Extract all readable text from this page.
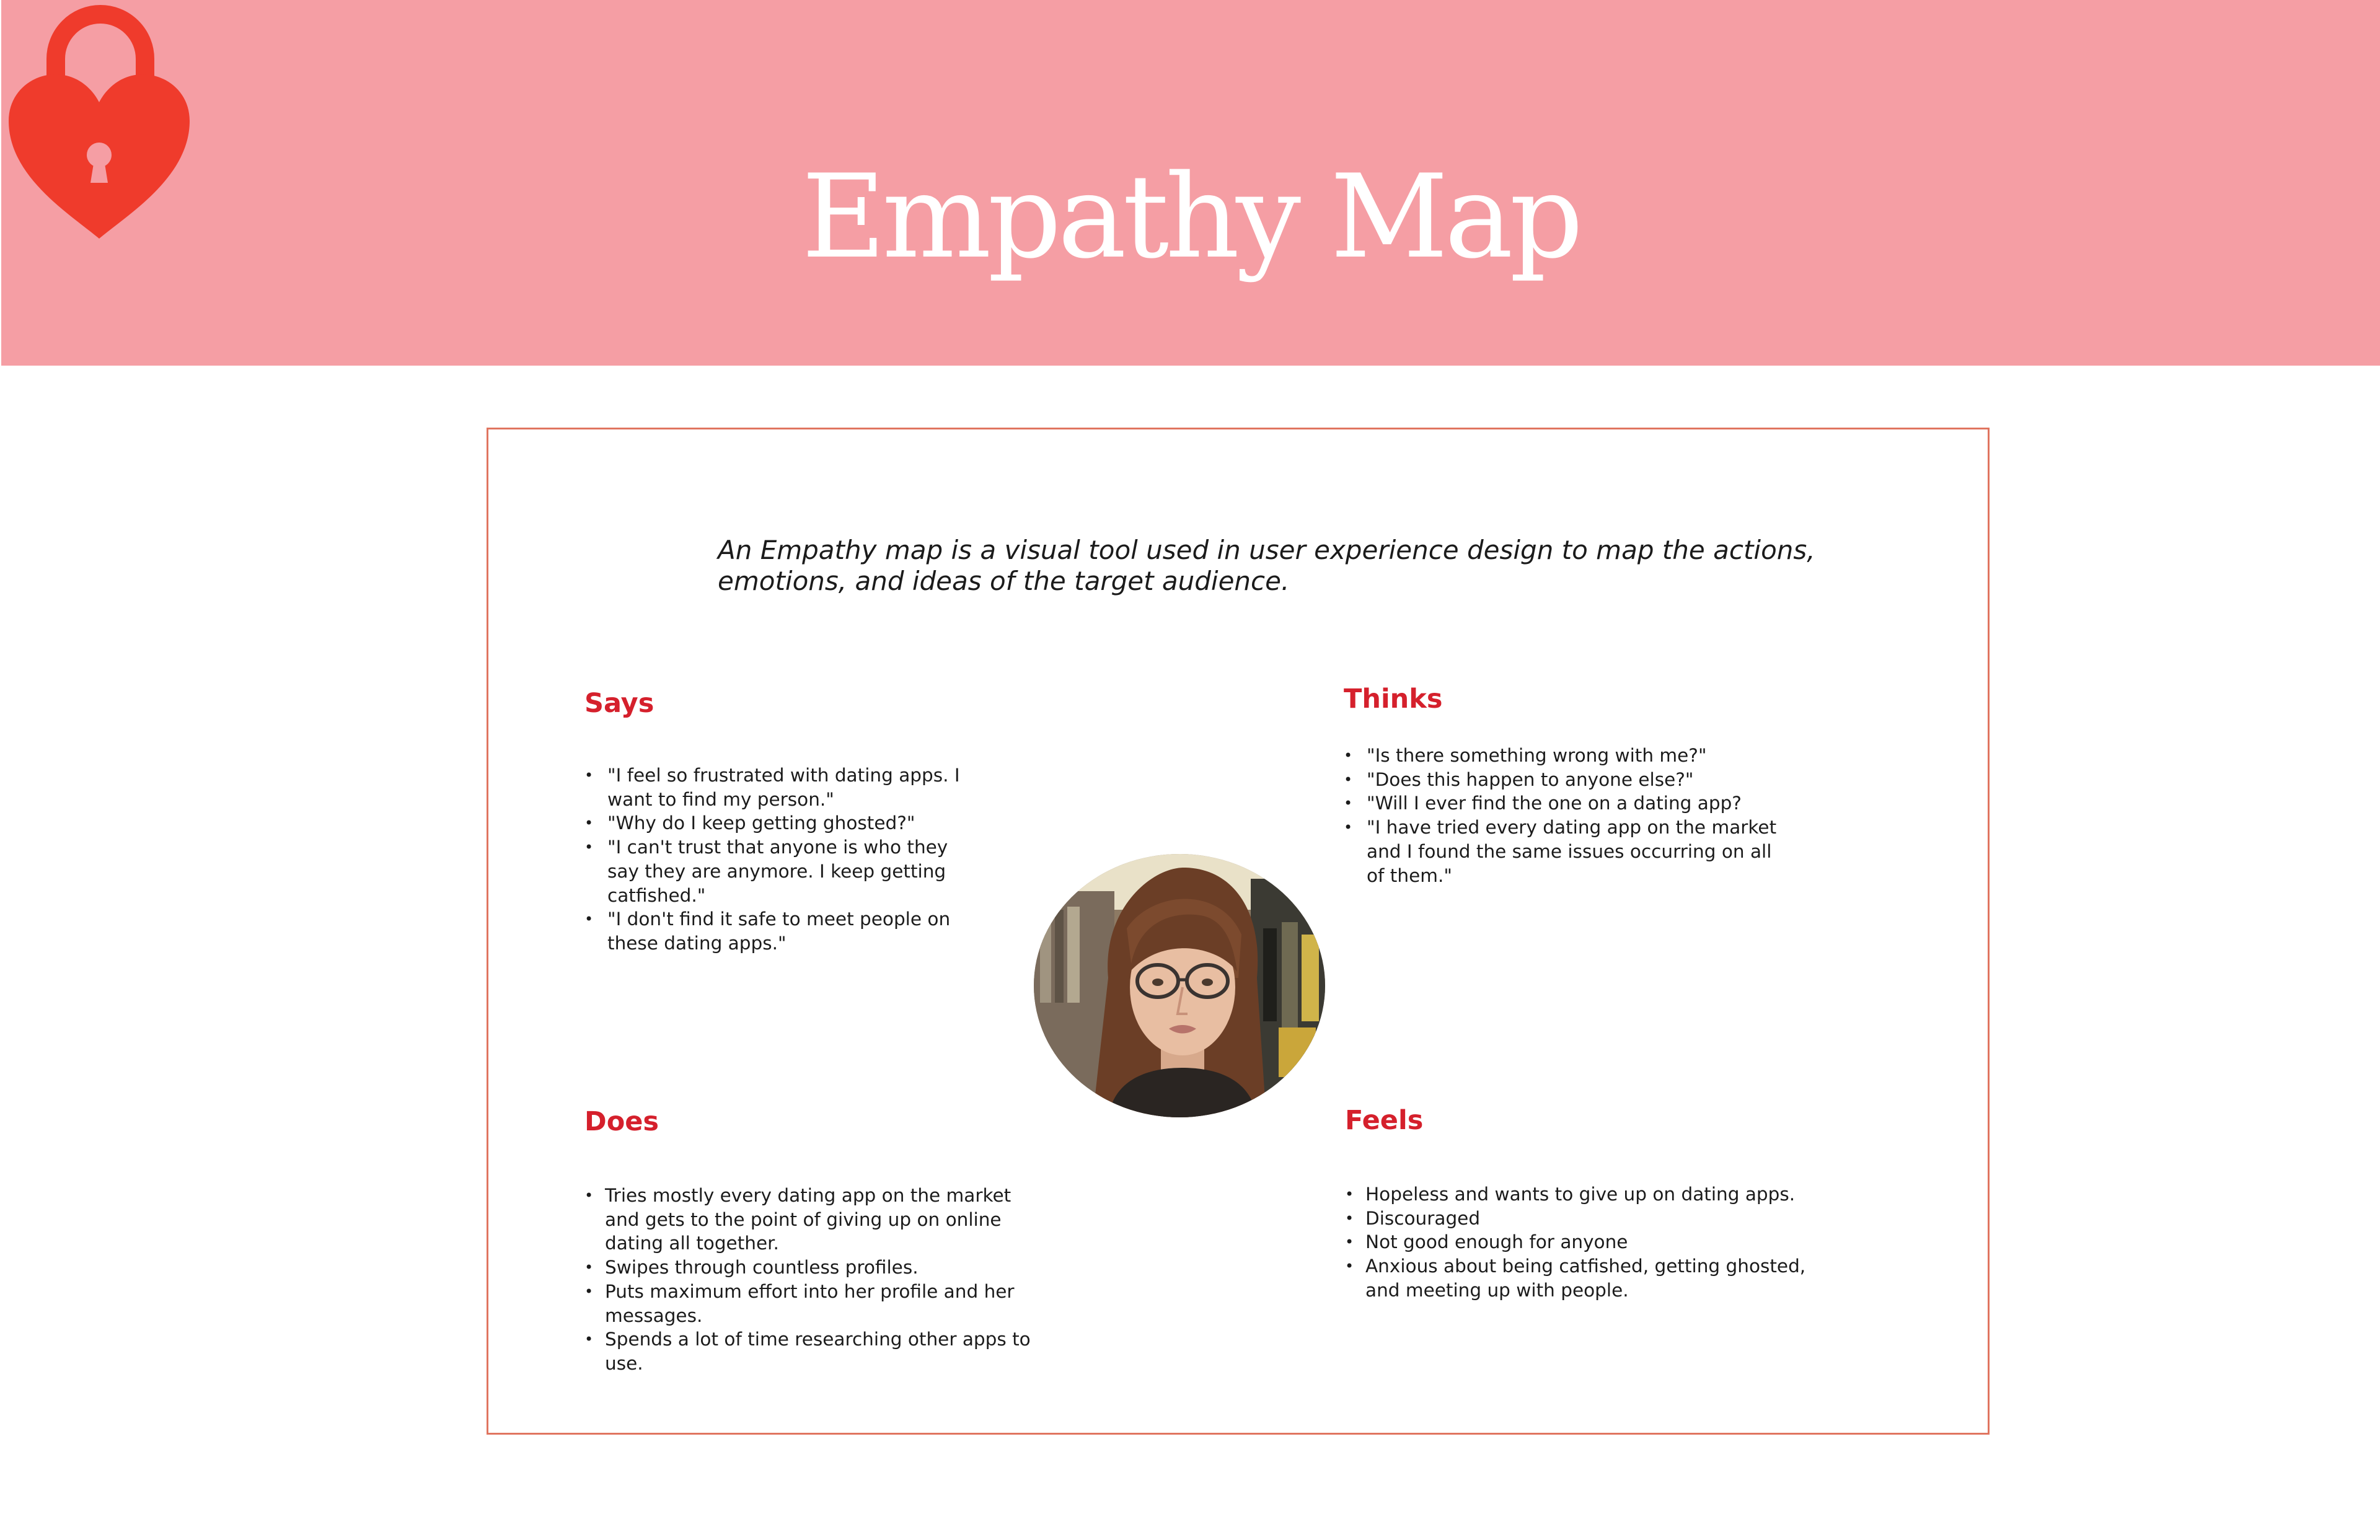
Empathy Map
An Empathy map is a visual tool used in user experience design to map the actions, emotions, and ideas of the target audience.
Says
• "I feel so frustrated with dating apps. I want to find my person."
• "Why do I keep getting ghosted?"
• "I can't trust that anyone is who they say they are anymore. I keep getting catfished."
• "I don't find it safe to meet people on these dating apps."
Thinks
• "Is there something wrong with me?"
• "Does this happen to anyone else?"
• "Will I ever find the one on a dating app?
• "I have tried every dating app on the market and I found the same issues occurring on all of them."
Does
• Tries mostly every dating app on the market and gets to the point of giving up on online dating all together.
• Swipes through countless profiles.
• Puts maximum effort into her profile and her messages.
• Spends a lot of time researching other apps to use.
Feels
• Hopeless and wants to give up on dating apps.
• Discouraged
• Not good enough for anyone
• Anxious about being catfished, getting ghosted, and meeting up with people.
